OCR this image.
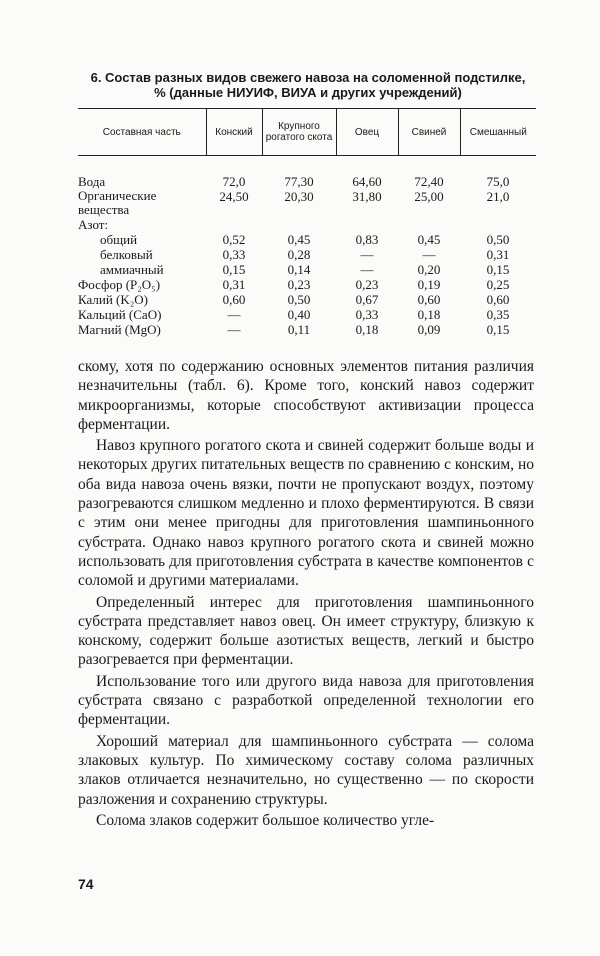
6. Состав разных видов свежего навоза на соломенной подстилке,
% (данные НИУИФ, ВИУА и других учреждений)
Составная часть	Конский	Крупного рогатого скота	Овец	Свиней	Смешанный
Вода	72,0	77,30	64,60	72,40	75,0
Органические вещества	24,50	20,30	31,80	25,00	21,0
Азот:					
общий	0,52	0,45	0,83	0,45	0,50
белковый	0,33	0,28	—	—	0,31
аммиачный	0,15	0,14	—	0,20	0,15
Фосфор (P₂O₅)	0,31	0,23	0,23	0,19	0,25
Калий (K₂O)	0,60	0,50	0,67	0,60	0,60
Кальций (CaO)	—	0,40	0,33	0,18	0,35
Магний (MgO)	—	0,11	0,18	0,09	0,15

скому, хотя по содержанию основных элементов питания различия незначительны (табл. 6). Кроме того, конский навоз содержит микроорганизмы, которые способствуют активизации процесса ферментации.

Навоз крупного рогатого скота и свиней содержит больше воды и некоторых других питательных веществ по сравнению с конским, но оба вида навоза очень вязки, почти не пропускают воздух, поэтому разогреваются слишком медленно и плохо ферментируются. В связи с этим они менее пригодны для приготовления шампиньонного субстрата. Однако навоз крупного рогатого скота и свиней можно использовать для приготовления субстрата в качестве компонентов с соломой и другими материалами.

Определенный интерес для приготовления шампиньонного субстрата представляет навоз овец. Он имеет структуру, близкую к конскому, содержит больше азотистых веществ, легкий и быстро разогревается при ферментации.

Использование того или другого вида навоза для приготовления субстрата связано с разработкой определенной технологии его ферментации.

Хороший материал для шампиньонного субстрата — солома злаковых культур. По химическому составу солома различных злаков отличается незначительно, но существенно — по скорости разложения и сохранению структуры.

Солома злаков содержит большое количество угле-

74
